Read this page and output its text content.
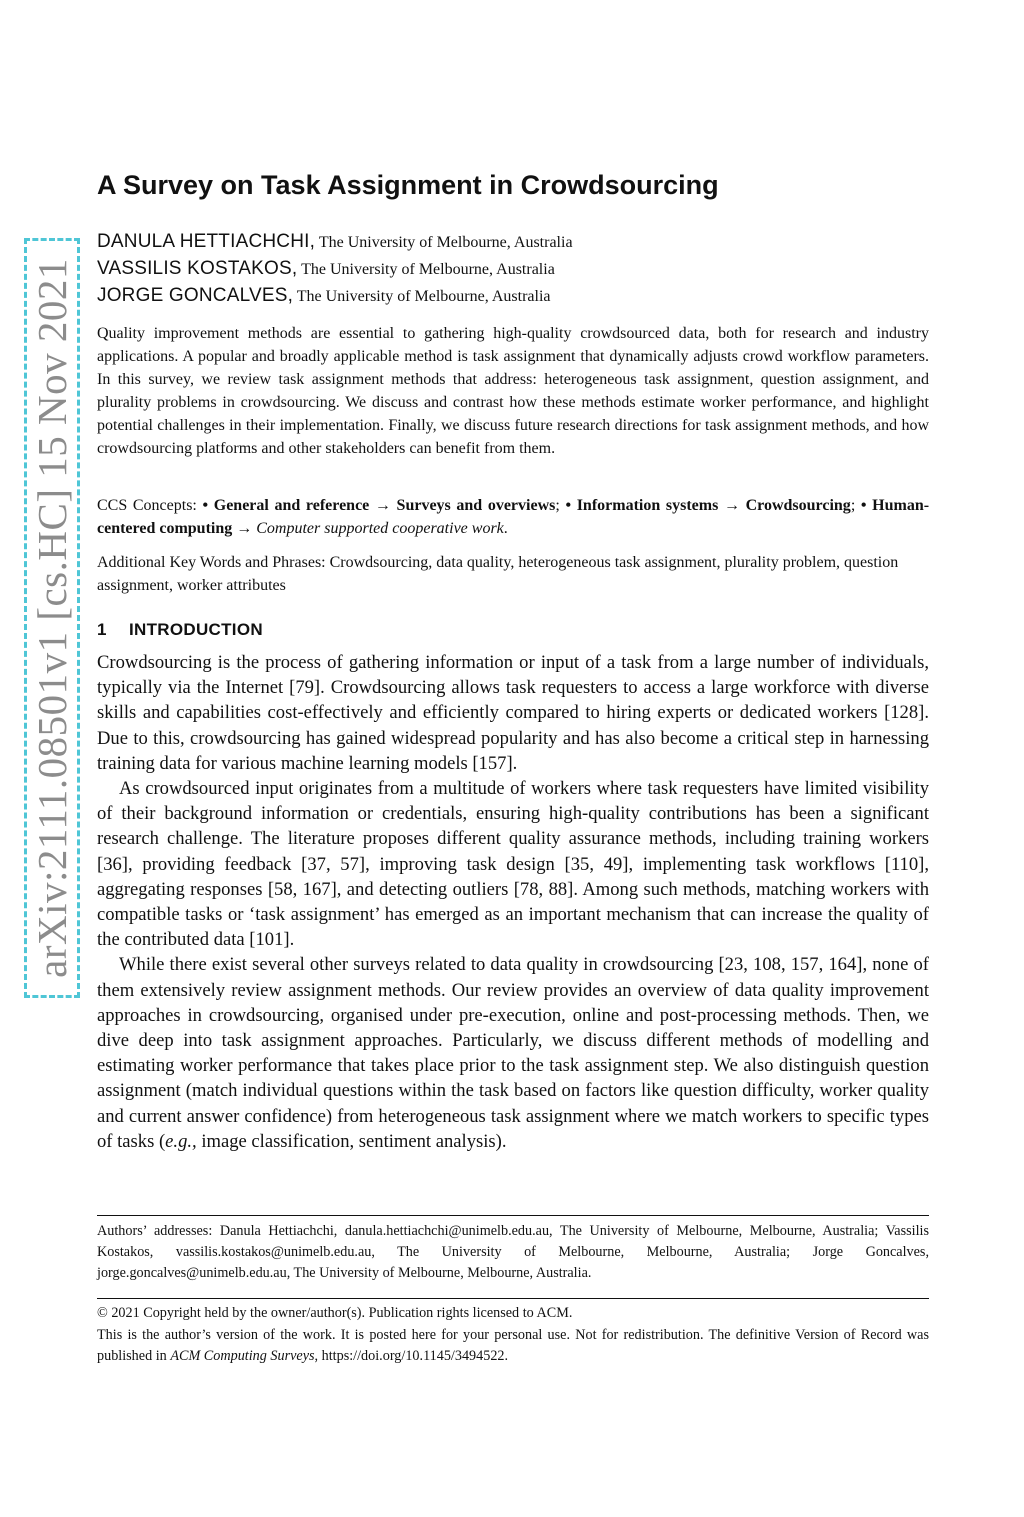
arXiv:2111.08501v1 [cs.HC] 15 Nov 2021
A Survey on Task Assignment in Crowdsourcing
DANULA HETTIACHCHI, The University of Melbourne, Australia
VASSILIS KOSTAKOS, The University of Melbourne, Australia
JORGE GONCALVES, The University of Melbourne, Australia

Quality improvement methods are essential to gathering high-quality crowdsourced data, both for research and industry applications. A popular and broadly applicable method is task assignment that dynamically adjusts crowd workflow parameters. In this survey, we review task assignment methods that address: heterogeneous task assignment, question assignment, and plurality problems in crowdsourcing. We discuss and contrast how these methods estimate worker performance, and highlight potential challenges in their implementation. Finally, we discuss future research directions for task assignment methods, and how crowdsourcing platforms and other stakeholders can benefit from them.

CCS Concepts: • General and reference → Surveys and overviews; • Information systems → Crowdsourcing; • Human-centered computing → Computer supported cooperative work.

Additional Key Words and Phrases: Crowdsourcing, data quality, heterogeneous task assignment, plurality problem, question assignment, worker attributes

1 INTRODUCTION

Crowdsourcing is the process of gathering information or input of a task from a large number of individuals, typically via the Internet [79]. Crowdsourcing allows task requesters to access a large workforce with diverse skills and capabilities cost-effectively and efficiently compared to hiring experts or dedicated workers [128]. Due to this, crowdsourcing has gained widespread popularity and has also become a critical step in harnessing training data for various machine learning models [157].

As crowdsourced input originates from a multitude of workers where task requesters have limited visibility of their background information or credentials, ensuring high-quality contributions has been a significant research challenge. The literature proposes different quality assurance methods, including training workers [36], providing feedback [37, 57], improving task design [35, 49], implementing task workflows [110], aggregating responses [58, 167], and detecting outliers [78, 88]. Among such methods, matching workers with compatible tasks or ‘task assignment’ has emerged as an important mechanism that can increase the quality of the contributed data [101].

While there exist several other surveys related to data quality in crowdsourcing [23, 108, 157, 164], none of them extensively review assignment methods. Our review provides an overview of data quality improvement approaches in crowdsourcing, organised under pre-execution, online and post-processing methods. Then, we dive deep into task assignment approaches. Particularly, we discuss different methods of modelling and estimating worker performance that takes place prior to the task assignment step. We also distinguish question assignment (match individual questions within the task based on factors like question difficulty, worker quality and current answer confidence) from heterogeneous task assignment where we match workers to specific types of tasks (e.g., image classification, sentiment analysis).

Authors’ addresses: Danula Hettiachchi, danula.hettiachchi@unimelb.edu.au, The University of Melbourne, Melbourne, Australia; Vassilis Kostakos, vassilis.kostakos@unimelb.edu.au, The University of Melbourne, Melbourne, Australia; Jorge Goncalves, jorge.goncalves@unimelb.edu.au, The University of Melbourne, Melbourne, Australia.

© 2021 Copyright held by the owner/author(s). Publication rights licensed to ACM.

This is the author’s version of the work. It is posted here for your personal use. Not for redistribution. The definitive Version of Record was published in ACM Computing Surveys, https://doi.org/10.1145/3494522.
